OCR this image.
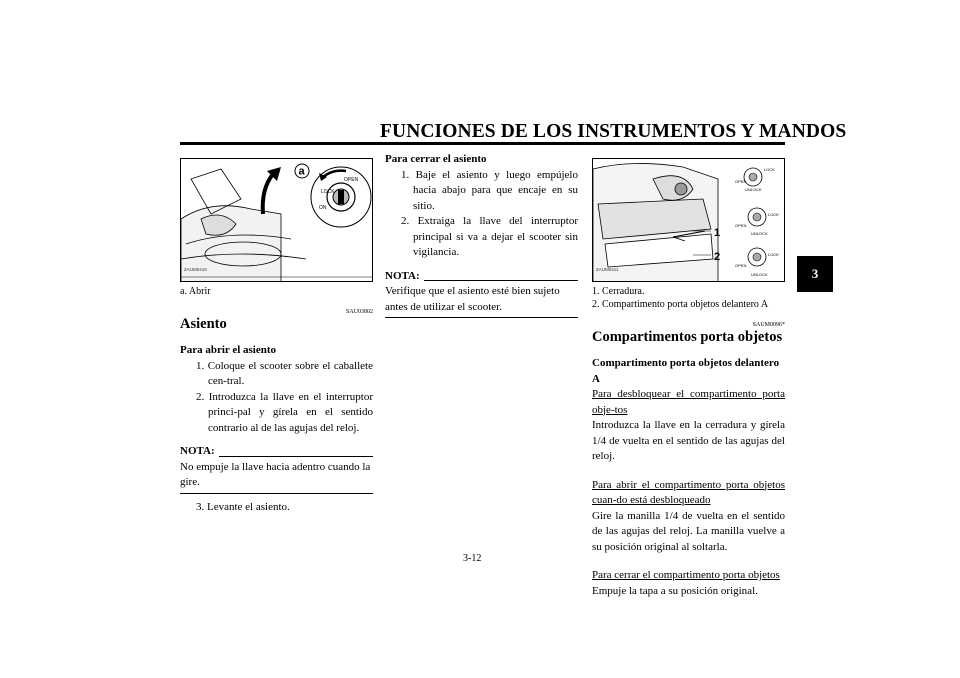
FUNCIONES DE LOS INSTRUMENTOS Y MANDOS
3
LOCK
OPEN
ON
a
ZAUM0410
a. Abrir
SAU03802
Asiento

Para abrir el asiento

1. Coloque el scooter sobre el caballete cen-tral.
2. Introduzca la llave en el interruptor princi-pal y gírela en el sentido contrario al de las agujas del reloj.
NOTA:
No empuje la llave hacia adentro cuando la gire.
3. Levante el asiento.

Para cerrar el asiento

1. Baje el asiento y luego empújelo hacia abajo para que encaje en su sitio.
2. Extraiga la llave del interruptor principal si va a dejar el scooter sin vigilancia.
NOTA:
Verifique que el asiento esté bien sujeto antes de utilizar el scooter.
1
2
LOCK
OPEN
UNLOCK
LOCK
OPEN
UNLOCK
LOCK
OPEN
UNLOCK
ZAUM0411
1. Cerradura.
2. Compartimento porta objetos delantero A
SAUM0096*
Compartimentos porta objetos

Compartimento porta objetos delantero A

Para desbloquear el compartimento porta obje-tos

Introduzca la llave en la cerradura y gírela 1/4 de vuelta en el sentido de las agujas del reloj.

Para abrir el compartimento porta objetos cuan-do está desbloqueado

Gire la manilla 1/4 de vuelta en el sentido de las agujas del reloj. La manilla vuelve a su posición original al soltarla.

Para cerrar el compartimento porta objetos

Empuje la tapa a su posición original.

3-12
